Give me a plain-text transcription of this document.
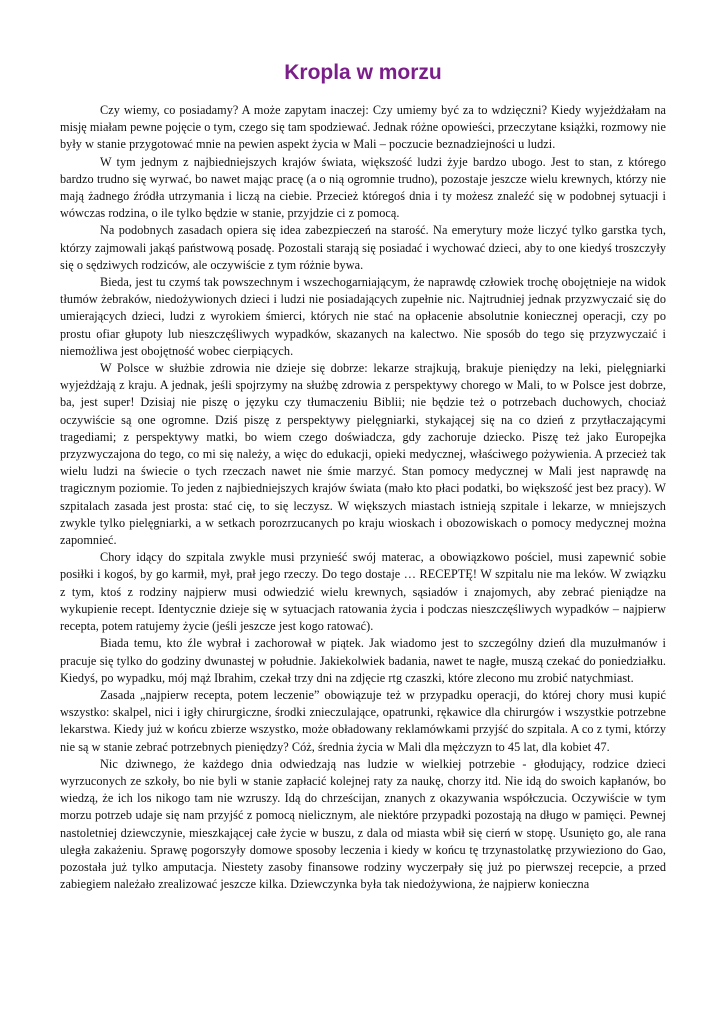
Kropla w morzu

Czy wiemy, co posiadamy? A może zapytam inaczej: Czy umiemy być za to wdzięczni? Kiedy wyjeżdżałam na misję miałam pewne pojęcie o tym, czego się tam spodziewać. Jednak różne opowieści, przeczytane książki, rozmowy nie były w stanie przygotować mnie na pewien aspekt życia w Mali – poczucie beznadziejności u ludzi.

W tym jednym z najbiedniejszych krajów świata, większość ludzi żyje bardzo ubogo. Jest to stan, z którego bardzo trudno się wyrwać, bo nawet mając pracę (a o nią ogromnie trudno), pozostaje jeszcze wielu krewnych, którzy nie mają żadnego źródła utrzymania i liczą na ciebie. Przecież któregoś dnia i ty możesz znaleźć się w podobnej sytuacji i wówczas rodzina, o ile tylko będzie w stanie, przyjdzie ci z pomocą.

Na podobnych zasadach opiera się idea zabezpieczeń na starość. Na emerytury może liczyć tylko garstka tych, którzy zajmowali jakąś państwową posadę. Pozostali starają się posiadać i wychować dzieci, aby to one kiedyś troszczyły się o sędziwych rodziców, ale oczywiście z tym różnie bywa.

Bieda, jest tu czymś tak powszechnym i wszechogarniającym, że naprawdę człowiek trochę obojętnieje na widok tłumów żebraków, niedożywionych dzieci i ludzi nie posiadających zupełnie nic. Najtrudniej jednak przyzwyczaić się do umierających dzieci, ludzi z wyrokiem śmierci, których nie stać na opłacenie absolutnie koniecznej operacji, czy po prostu ofiar głupoty lub nieszczęśliwych wypadków, skazanych na kalectwo. Nie sposób do tego się przyzwyczaić i niemożliwa jest obojętność wobec cierpiących.

W Polsce w służbie zdrowia nie dzieje się dobrze: lekarze strajkują, brakuje pieniędzy na leki, pielęgniarki wyjeżdżają z kraju. A jednak, jeśli spojrzymy na służbę zdrowia z perspektywy chorego w Mali, to w Polsce jest dobrze, ba, jest super! Dzisiaj nie piszę o języku czy tłumaczeniu Biblii; nie będzie też o potrzebach duchowych, chociaż oczywiście są one ogromne. Dziś piszę z perspektywy pielęgniarki, stykającej się na co dzień z przytłaczającymi tragediami; z perspektywy matki, bo wiem czego doświadcza, gdy zachoruje dziecko. Piszę też jako Europejka przyzwyczajona do tego, co mi się należy, a więc do edukacji, opieki medycznej, właściwego pożywienia. A przecież tak wielu ludzi na świecie o tych rzeczach nawet nie śmie marzyć. Stan pomocy medycznej w Mali jest naprawdę na tragicznym poziomie. To jeden z najbiedniejszych krajów świata (mało kto płaci podatki, bo większość jest bez pracy). W szpitalach zasada jest prosta: stać cię, to się leczysz. W większych miastach istnieją szpitale i lekarze, w mniejszych zwykle tylko pielęgniarki, a w setkach porozrzucanych po kraju wioskach i obozowiskach o pomocy medycznej można zapomnieć.

Chory idący do szpitala zwykle musi przynieść swój materac, a obowiązkowo pościel, musi zapewnić sobie posiłki i kogoś, by go karmił, mył, prał jego rzeczy. Do tego dostaje … RECEPTĘ! W szpitalu nie ma leków. W związku z tym, ktoś z rodziny najpierw musi odwiedzić wielu krewnych, sąsiadów i znajomych, aby zebrać pieniądze na wykupienie recept. Identycznie dzieje się w sytuacjach ratowania życia i podczas nieszczęśliwych wypadków – najpierw recepta, potem ratujemy życie (jeśli jeszcze jest kogo ratować).

Biada temu, kto źle wybrał i zachorował w piątek. Jak wiadomo jest to szczególny dzień dla muzułmanów i pracuje się tylko do godziny dwunastej w południe. Jakiekolwiek badania, nawet te nagłe, muszą czekać do poniedziałku. Kiedyś, po wypadku, mój mąż Ibrahim, czekał trzy dni na zdjęcie rtg czaszki, które zlecono mu zrobić natychmiast.

Zasada „najpierw recepta, potem leczenie” obowiązuje też w przypadku operacji, do której chory musi kupić wszystko: skalpel, nici i igły chirurgiczne, środki znieczulające, opatrunki, rękawice dla chirurgów i wszystkie potrzebne lekarstwa. Kiedy już w końcu zbierze wszystko, może obładowany reklamówkami przyjść do szpitala. A co z tymi, którzy nie są w stanie zebrać potrzebnych pieniędzy? Cóż, średnia życia w Mali dla mężczyzn to 45 lat, dla kobiet 47.

Nic dziwnego, że każdego dnia odwiedzają nas ludzie w wielkiej potrzebie - głodujący, rodzice dzieci wyrzuconych ze szkoły, bo nie byli w stanie zapłacić kolejnej raty za naukę, chorzy itd. Nie idą do swoich kapłanów, bo wiedzą, że ich los nikogo tam nie wzruszy. Idą do chrześcijan, znanych z okazywania współczucia. Oczywiście w tym morzu potrzeb udaje się nam przyjść z pomocą nielicznym, ale niektóre przypadki pozostają na długo w pamięci. Pewnej nastoletniej dziewczynie, mieszkającej całe życie w buszu, z dala od miasta wbił się cierń w stopę. Usunięto go, ale rana uległa zakażeniu. Sprawę pogorszyły domowe sposoby leczenia i kiedy w końcu tę trzynastolatkę przywieziono do Gao, pozostała już tylko amputacja. Niestety zasoby finansowe rodziny wyczerpały się już po pierwszej recepcie, a przed zabiegiem należało zrealizować jeszcze kilka. Dziewczynka była tak niedożywiona, że najpierw konieczna
